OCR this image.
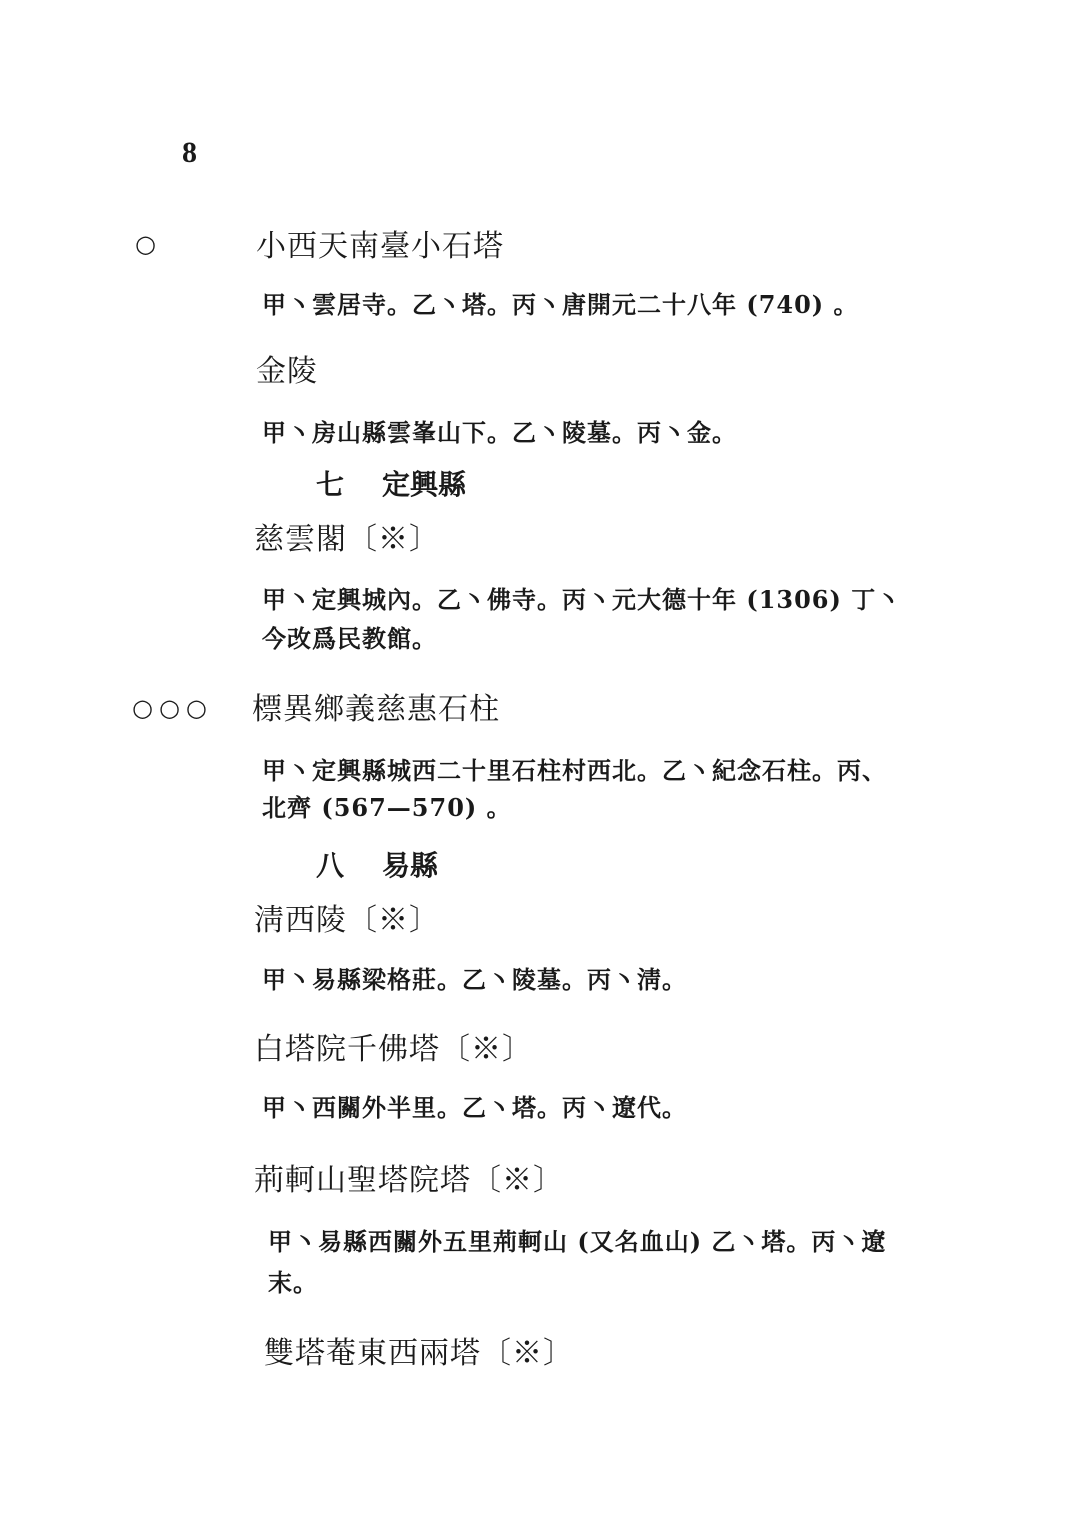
8
○	小西天南臺小石塔
甲丶雲居寺。乙丶塔。丙丶唐開元二十八年 (740) 。
金陵
甲丶房山縣雲峯山下。乙丶陵墓。丙丶金。
七 定興縣
慈雲閣〔※〕
甲丶定興城內。乙丶佛寺。丙丶元大德十年 (1306) 丁丶
今改爲民教館。
○○○ 標異鄉義慈惠石柱
甲丶定興縣城西二十里石柱村西北。乙丶紀念石柱。丙、
北齊 (567—570) 。
八 易縣
淸西陵〔※〕
甲丶易縣梁格莊。乙丶陵墓。丙丶淸。
白塔院千佛塔〔※〕
甲丶西關外半里。乙丶塔。丙丶遼代。
荊軻山聖塔院塔〔※〕
甲丶易縣西關外五里荊軻山 (又名血山) 乙丶塔。丙丶遼
末。
雙塔菴東西兩塔〔※〕
